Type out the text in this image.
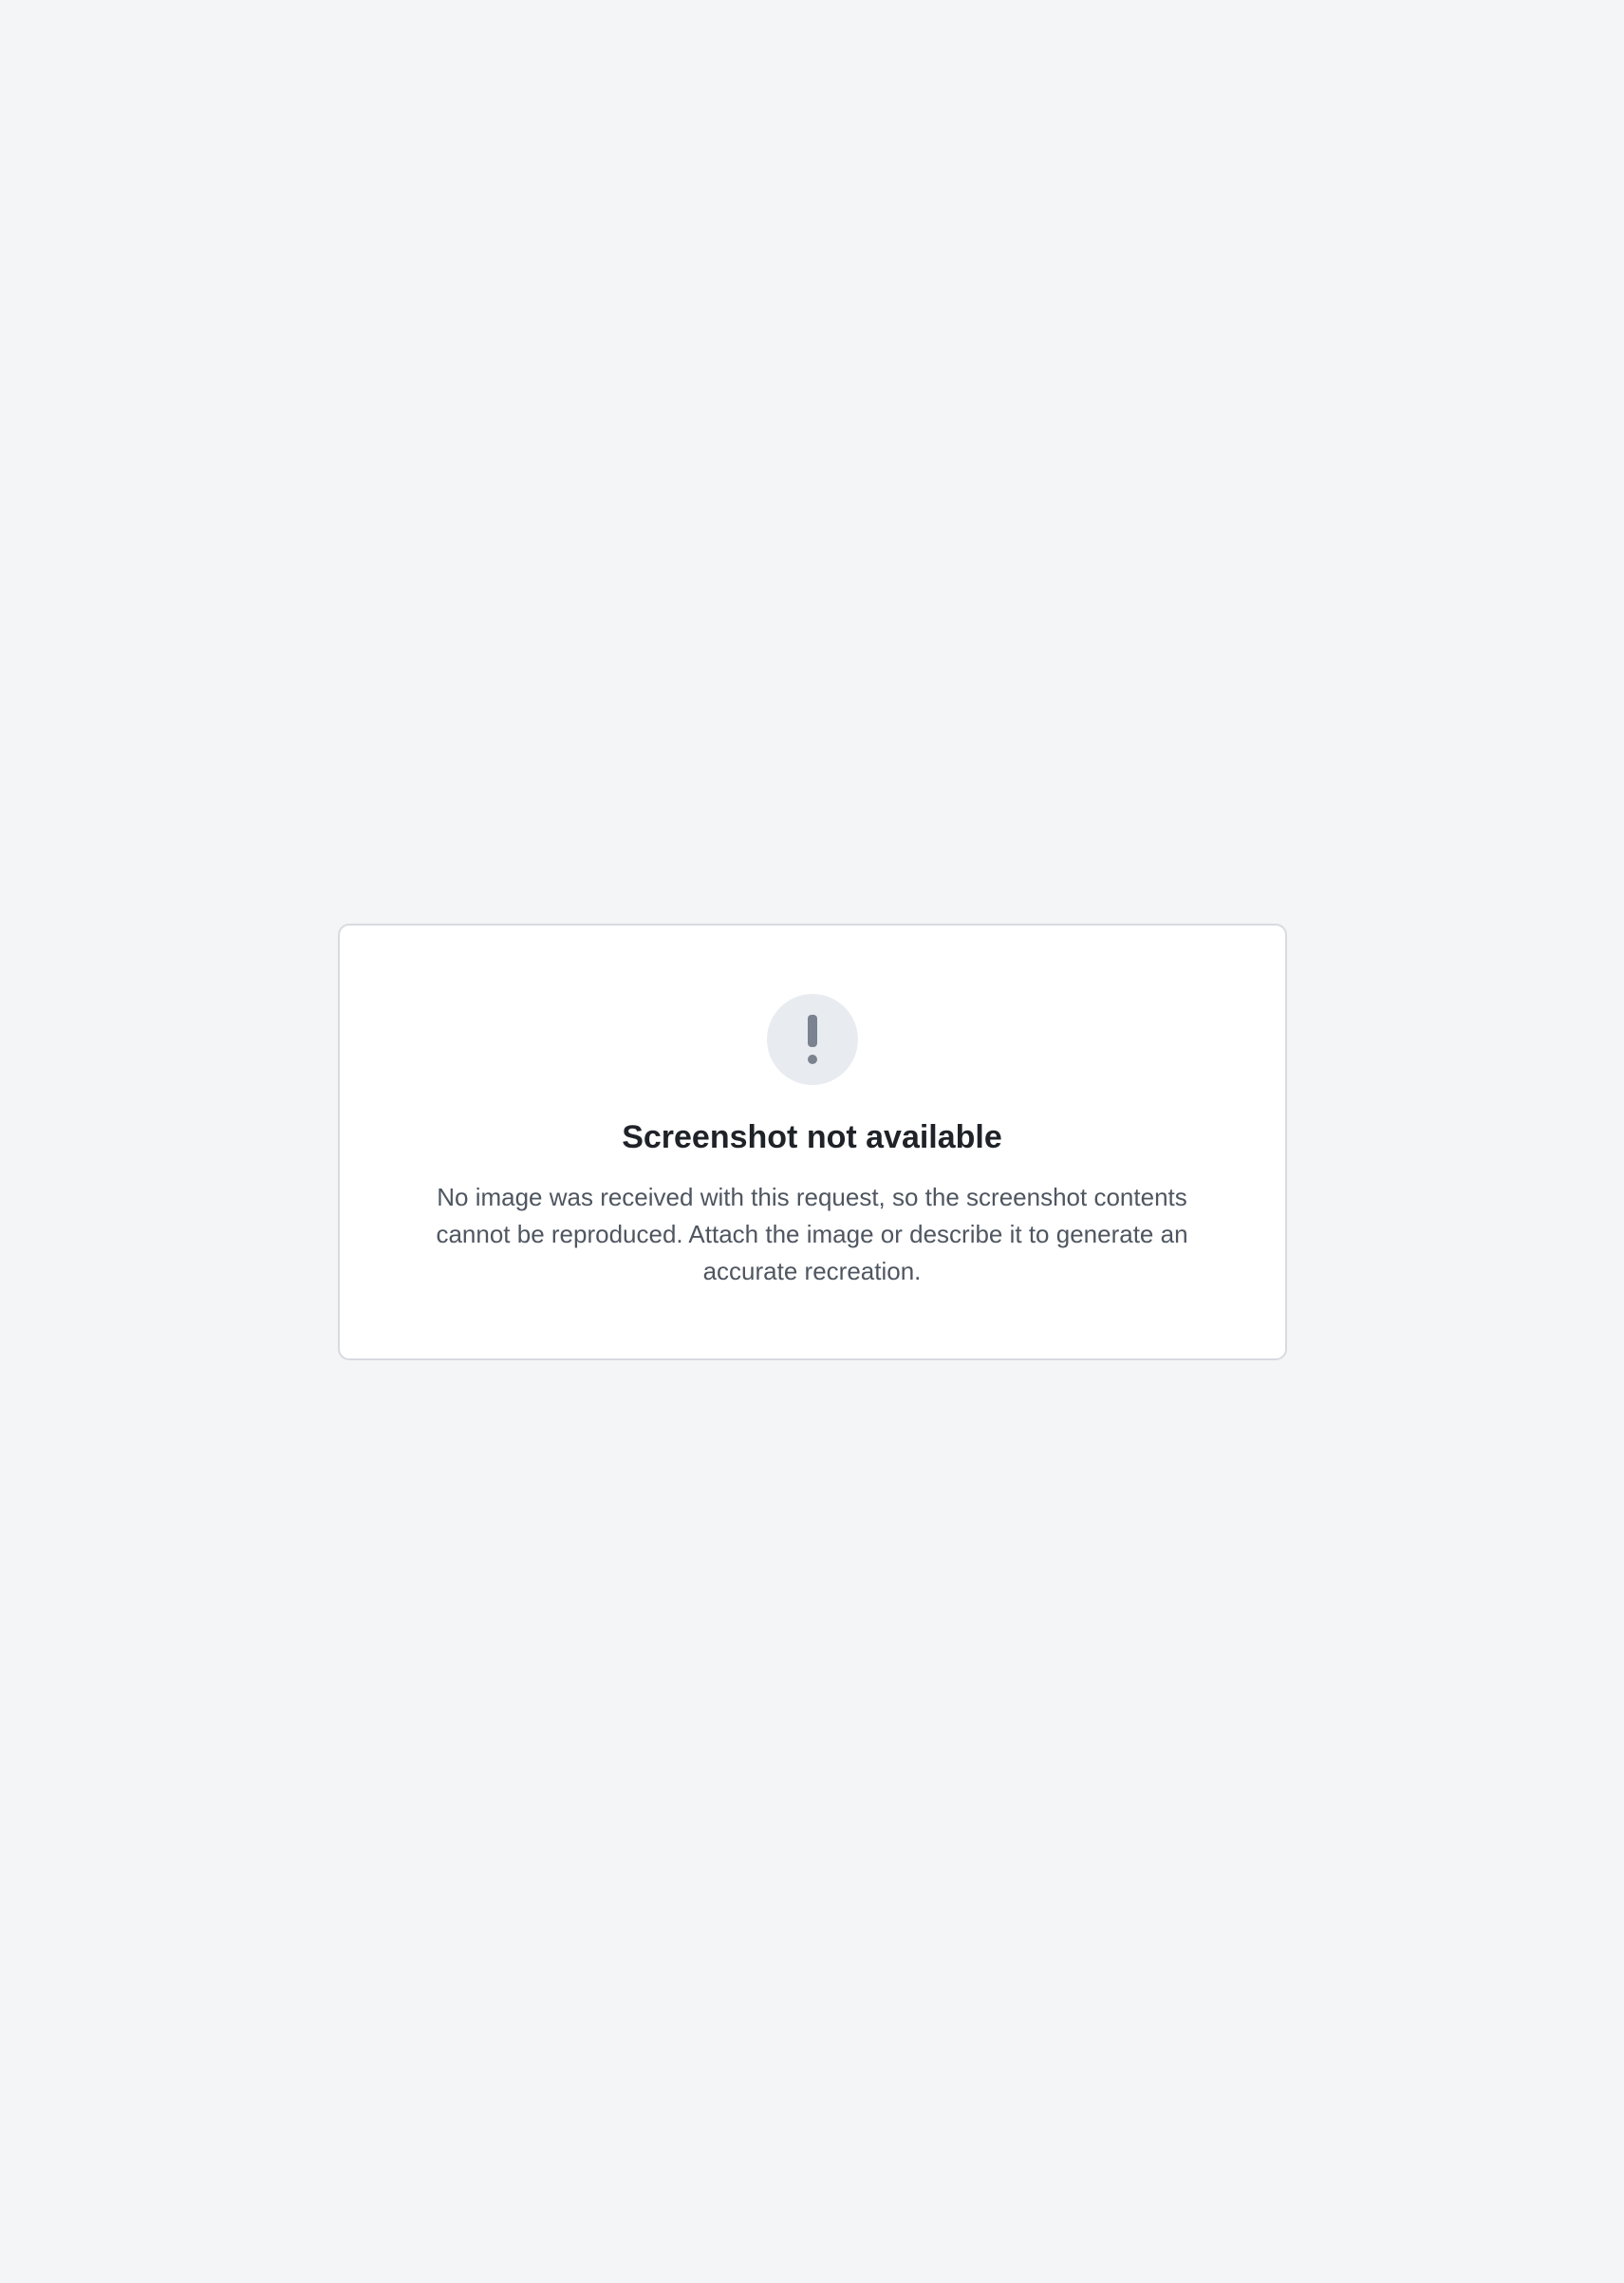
Screenshot not available

No image was received with this request, so the screenshot contents cannot be reproduced. Attach the image or describe it to generate an accurate recreation.
